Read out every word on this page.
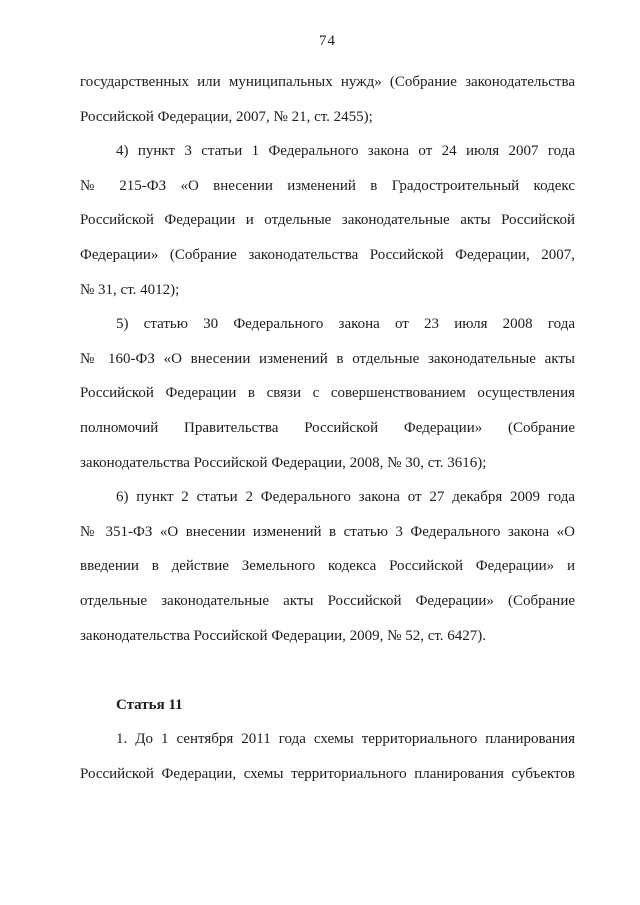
74
государственных или муниципальных нужд» (Собрание законодательства
Российской Федерации, 2007, № 21, ст. 2455);
4) пункт 3 статьи 1 Федерального закона от 24 июля 2007 года
№ 215-ФЗ «О внесении изменений в Градостроительный кодекс
Российской Федерации и отдельные законодательные акты Российской
Федерации» (Собрание законодательства Российской Федерации, 2007,
№ 31, ст. 4012);
5) статью 30 Федерального закона от 23 июля 2008 года
№ 160-ФЗ «О внесении изменений в отдельные законодательные акты
Российской Федерации в связи с совершенствованием осуществления
полномочий Правительства Российской Федерации» (Собрание
законодательства Российской Федерации, 2008, № 30, ст. 3616);
6) пункт 2 статьи 2 Федерального закона от 27 декабря 2009 года
№ 351-ФЗ «О внесении изменений в статью 3 Федерального закона «О
введении в действие Земельного кодекса Российской Федерации» и
отдельные законодательные акты Российской Федерации» (Собрание
законодательства Российской Федерации, 2009, № 52, ст. 6427).
Статья 11
1. До 1 сентября 2011 года схемы территориального планирования
Российской Федерации, схемы территориального планирования субъектов
